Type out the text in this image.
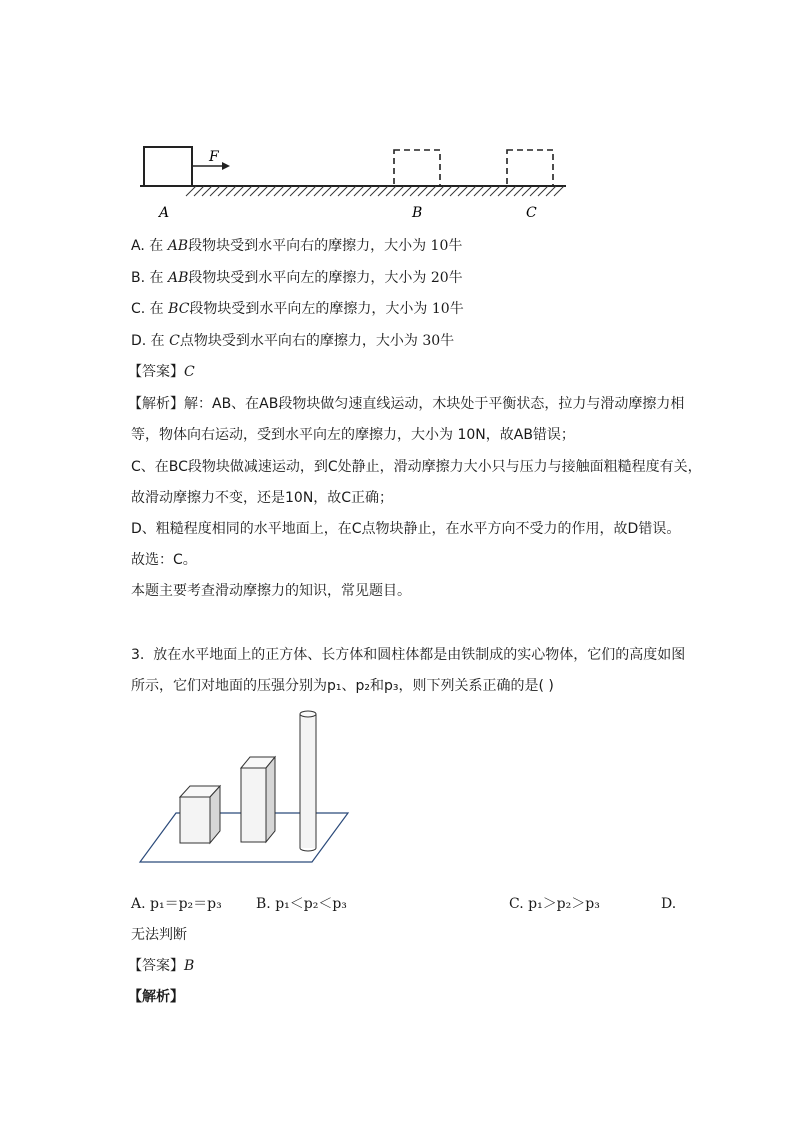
F
A	B	C
A. 在 AB段物块受到水平向右的摩擦力，大小为 10牛
B. 在 AB段物块受到水平向左的摩擦力，大小为 20牛
C. 在 BC段物块受到水平向左的摩擦力，大小为 10牛
D. 在 C点物块受到水平向右的摩擦力，大小为 30牛
【答案】C
【解析】解：AB、在AB段物块做匀速直线运动，木块处于平衡状态，拉力与滑动摩擦力相
等，物体向右运动，受到水平向左的摩擦力，大小为 10N，故AB错误；
C、在BC段物块做减速运动，到C处静止，滑动摩擦力大小只与压力与接触面粗糙程度有关，
故滑动摩擦力不变，还是10N，故C正确；
D、粗糙程度相同的水平地面上，在C点物块静止，在水平方向不受力的作用，故D错误。
故选：C。
本题主要考查滑动摩擦力的知识，常见题目。
3. 放在水平地面上的正方体、长方体和圆柱体都是由铁制成的实心物体，它们的高度如图
所示，它们对地面的压强分别为p₁、p₂和p₃，则下列关系正确的是( )
A. p₁＝p₂＝p₃ B. p₁＜p₂＜p₃	C. p₁＞p₂＞p₃	D.
无法判断
【答案】B
【解析】
